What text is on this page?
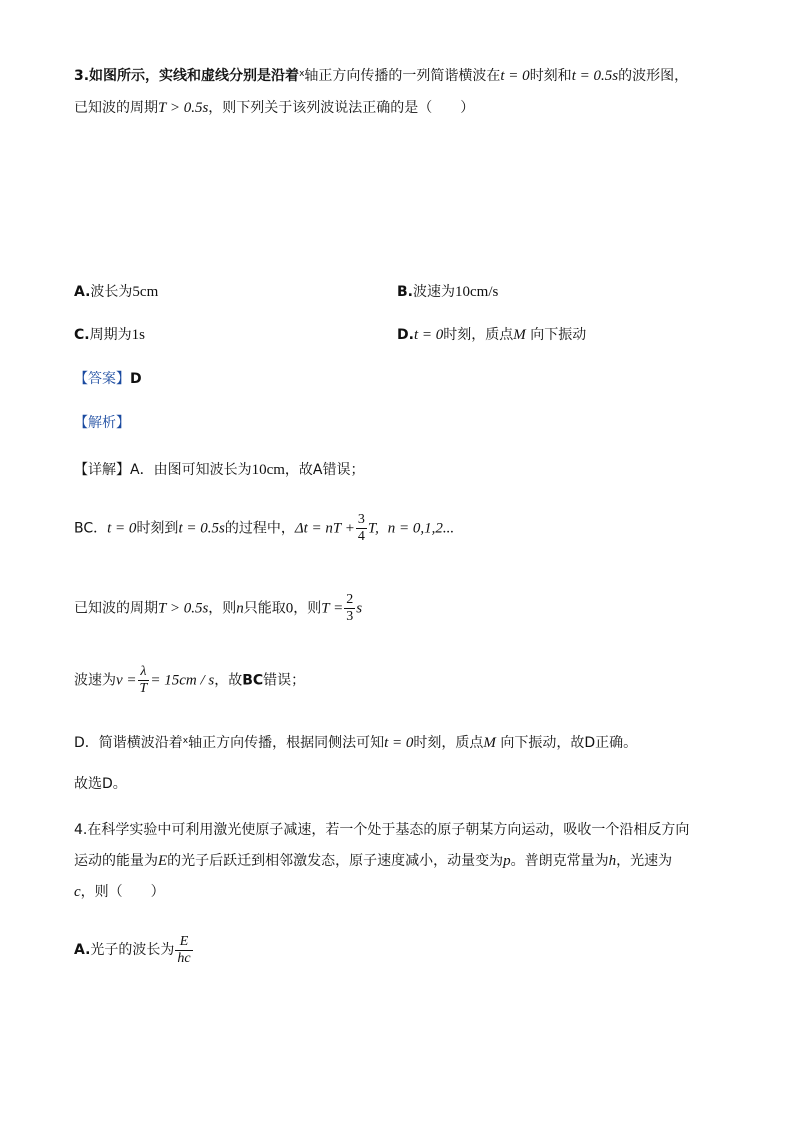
3.如图所示，实线和虚线分别是沿着$^x$轴正方向传播的一列简谐横波在t = 0时刻和t = 0.5s的波形图，
已知波的周期T > 0.5s，则下列关于该列波说法正确的是（　　）
A.波长为5cm	B.波速为10cm/s
C.周期为1s	D.t = 0时刻，质点M 向下振动
【答案】D
【解析】
【详解】A．由图可知波长为10cm，故A错误；
BC．t = 0时刻到t = 0.5s的过程中，Δt = nT + $\frac{3}{4} T$, n = 0,1,2...
已知波的周期T > 0.5s，则n只能取0，则$T = \frac{2}{3}$ s
波速为$v = \frac{\lambda}{T} = 15cm / s$，故BC错误；
D．简谐横波沿着$^x$轴正方向传播，根据同侧法可知t = 0时刻，质点M 向下振动，故D正确。
故选D。
4.在科学实验中可利用激光使原子减速，若一个处于基态的原子朝某方向运动，吸收一个沿相反方向
运动的能量为E的光子后跃迁到相邻激发态，原子速度减小，动量变为p。普朗克常量为h，光速为
c，则（　　）
A.光子的波长为 $\frac{E}{hc}$
